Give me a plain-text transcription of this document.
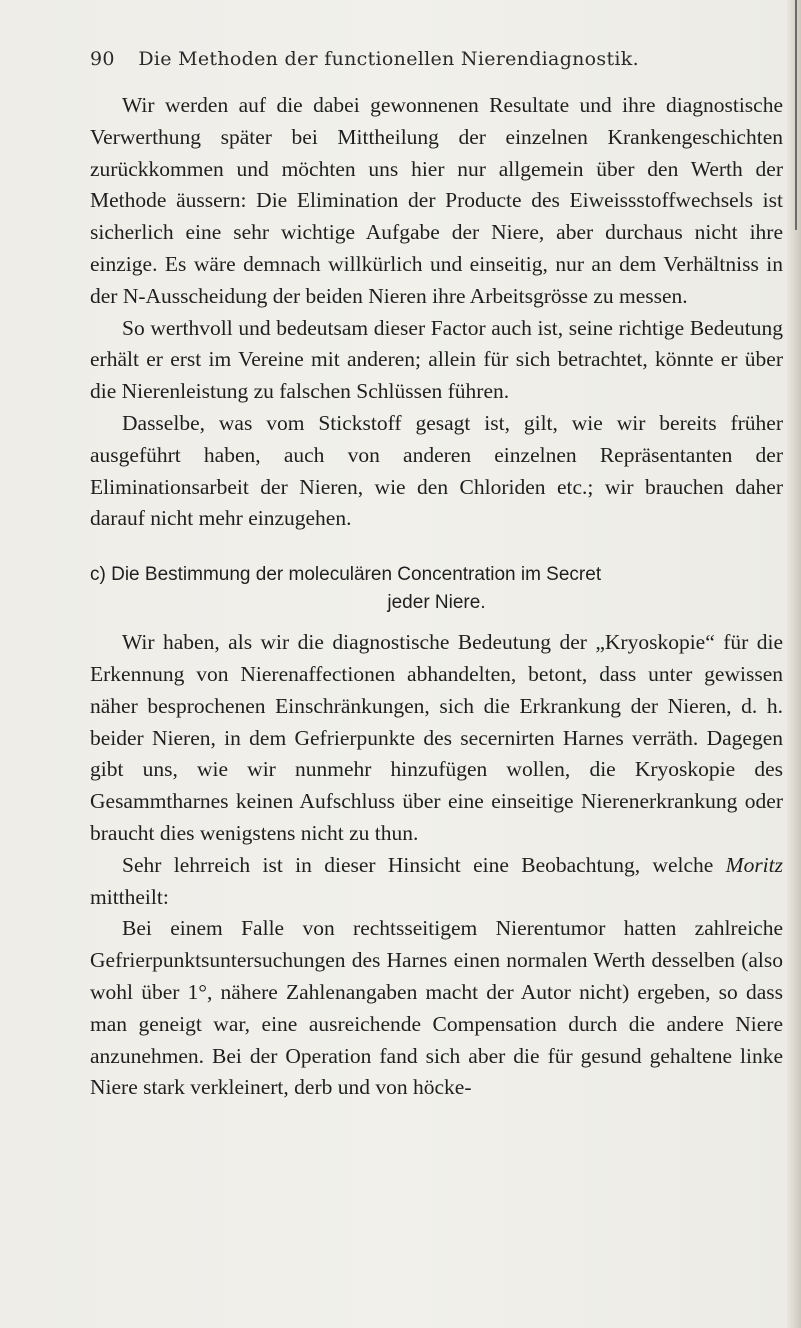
90 Die Methoden der functionellen Nierendiagnostik.

Wir werden auf die dabei gewonnenen Resultate und ihre diagnostische Verwerthung später bei Mittheilung der einzelnen Krankengeschichten zurückkommen und möchten uns hier nur allgemein über den Werth der Methode äussern: Die Elimination der Producte des Eiweissstoffwechsels ist sicherlich eine sehr wichtige Aufgabe der Niere, aber durchaus nicht ihre einzige. Es wäre demnach willkürlich und einseitig, nur an dem Verhältniss in der N-Ausscheidung der beiden Nieren ihre Arbeitsgrösse zu messen.

So werthvoll und bedeutsam dieser Factor auch ist, seine richtige Bedeutung erhält er erst im Vereine mit anderen; allein für sich betrachtet, könnte er über die Nierenleistung zu falschen Schlüssen führen.

Dasselbe, was vom Stickstoff gesagt ist, gilt, wie wir bereits früher ausgeführt haben, auch von anderen einzelnen Repräsentanten der Eliminationsarbeit der Nieren, wie den Chloriden etc.; wir brauchen daher darauf nicht mehr einzugehen.

c) Die Bestimmung der moleculären Concentration im Secret
jeder Niere.

Wir haben, als wir die diagnostische Bedeutung der „Kryoskopie“ für die Erkennung von Nierenaffectionen abhandelten, betont, dass unter gewissen näher besprochenen Einschränkungen, sich die Erkrankung der Nieren, d. h. beider Nieren, in dem Gefrierpunkte des secernirten Harnes verräth. Dagegen gibt uns, wie wir nunmehr hinzufügen wollen, die Kryoskopie des Gesammtharnes keinen Aufschluss über eine einseitige Nierenerkrankung oder braucht dies wenigstens nicht zu thun.

Sehr lehrreich ist in dieser Hinsicht eine Beobachtung, welche Moritz mittheilt:

Bei einem Falle von rechtsseitigem Nierentumor hatten zahlreiche Gefrierpunktsuntersuchungen des Harnes einen normalen Werth desselben (also wohl über 1°, nähere Zahlenangaben macht der Autor nicht) ergeben, so dass man geneigt war, eine ausreichende Compensation durch die andere Niere anzunehmen. Bei der Operation fand sich aber die für gesund gehaltene linke Niere stark verkleinert, derb und von höcke-
